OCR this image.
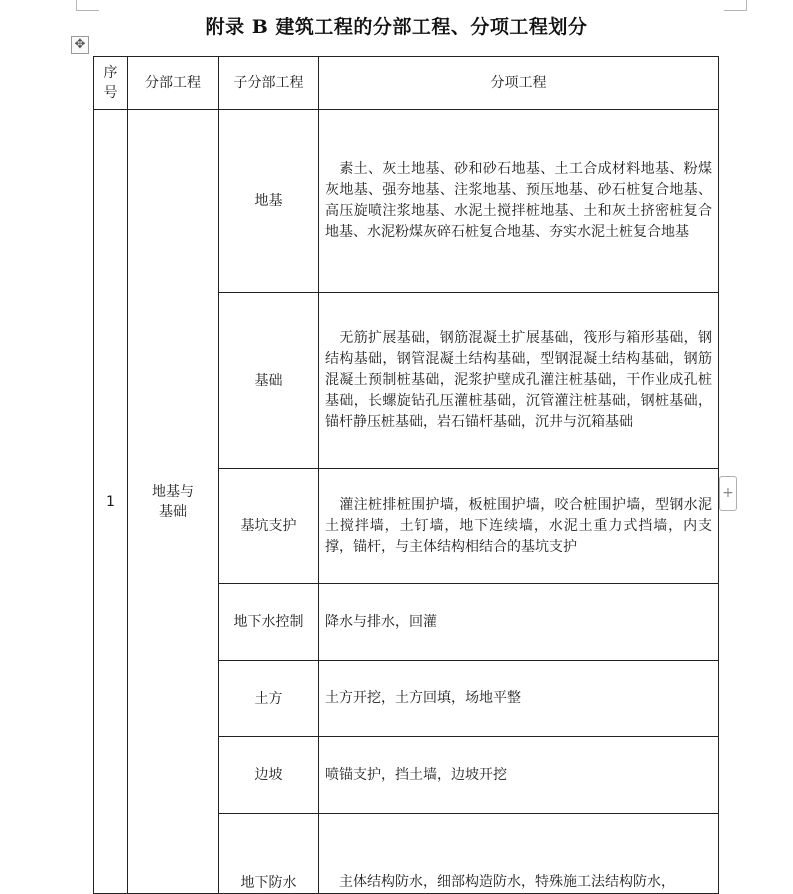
附录 B 建筑工程的分部工程、分项工程划分
✥
+
序号	分部工程	子分部工程	分项工程
1	地基与基础	地基	素土、灰土地基、砂和砂石地基、土工合成材料地基、粉煤灰地基、强夯地基、注浆地基、预压地基、砂石桩复合地基、高压旋喷注浆地基、水泥土搅拌桩地基、土和灰土挤密桩复合地基、水泥粉煤灰碎石桩复合地基、夯实水泥土桩复合地基
		基础	无筋扩展基础，钢筋混凝土扩展基础，筏形与箱形基础，钢结构基础，钢管混凝土结构基础，型钢混凝土结构基础，钢筋混凝土预制桩基础，泥浆护壁成孔灌注桩基础，干作业成孔桩基础，长螺旋钻孔压灌桩基础，沉管灌注桩基础，钢桩基础，锚杆静压桩基础，岩石锚杆基础，沉井与沉箱基础
		基坑支护	灌注桩排桩围护墙，板桩围护墙，咬合桩围护墙，型钢水泥土搅拌墙，土钉墙，地下连续墙，水泥土重力式挡墙，内支撑，锚杆，与主体结构相结合的基坑支护
		地下水控制	降水与排水，回灌
		土方	土方开挖，土方回填，场地平整
		边坡	喷锚支护，挡土墙，边坡开挖
		地下防水	主体结构防水，细部构造防水，特殊施工法结构防水，
